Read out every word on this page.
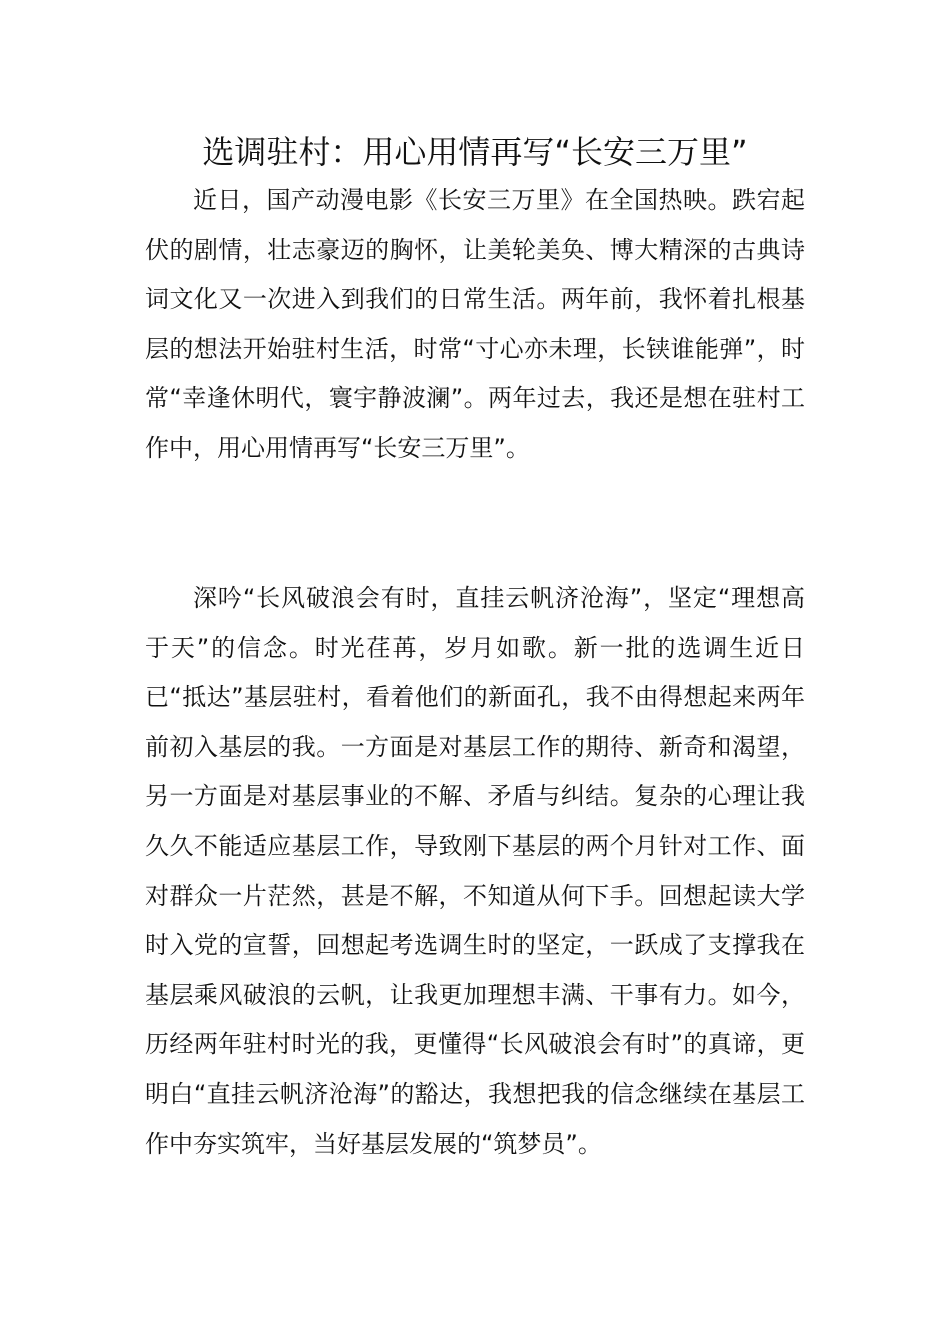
选调驻村：用心用情再写“长安三万里”

近日，国产动漫电影《长安三万里》在全国热映。跌宕起伏的剧情，壮志豪迈的胸怀，让美轮美奂、博大精深的古典诗词文化又一次进入到我们的日常生活。两年前，我怀着扎根基层的想法开始驻村生活，时常“寸心亦未理，长铗谁能弹”，时常“幸逢休明代，寰宇静波澜”。两年过去，我还是想在驻村工作中，用心用情再写“长安三万里”。

深吟“长风破浪会有时，直挂云帆济沧海”，坚定“理想高于天”的信念。时光荏苒，岁月如歌。新一批的选调生近日已“抵达”基层驻村，看着他们的新面孔，我不由得想起来两年前初入基层的我。一方面是对基层工作的期待、新奇和渴望，另一方面是对基层事业的不解、矛盾与纠结。复杂的心理让我久久不能适应基层工作，导致刚下基层的两个月针对工作、面对群众一片茫然，甚是不解，不知道从何下手。回想起读大学时入党的宣誓，回想起考选调生时的坚定，一跃成了支撑我在基层乘风破浪的云帆，让我更加理想丰满、干事有力。如今，历经两年驻村时光的我，更懂得“长风破浪会有时”的真谛，更明白“直挂云帆济沧海”的豁达，我想把我的信念继续在基层工作中夯实筑牢，当好基层发展的“筑梦员”。
